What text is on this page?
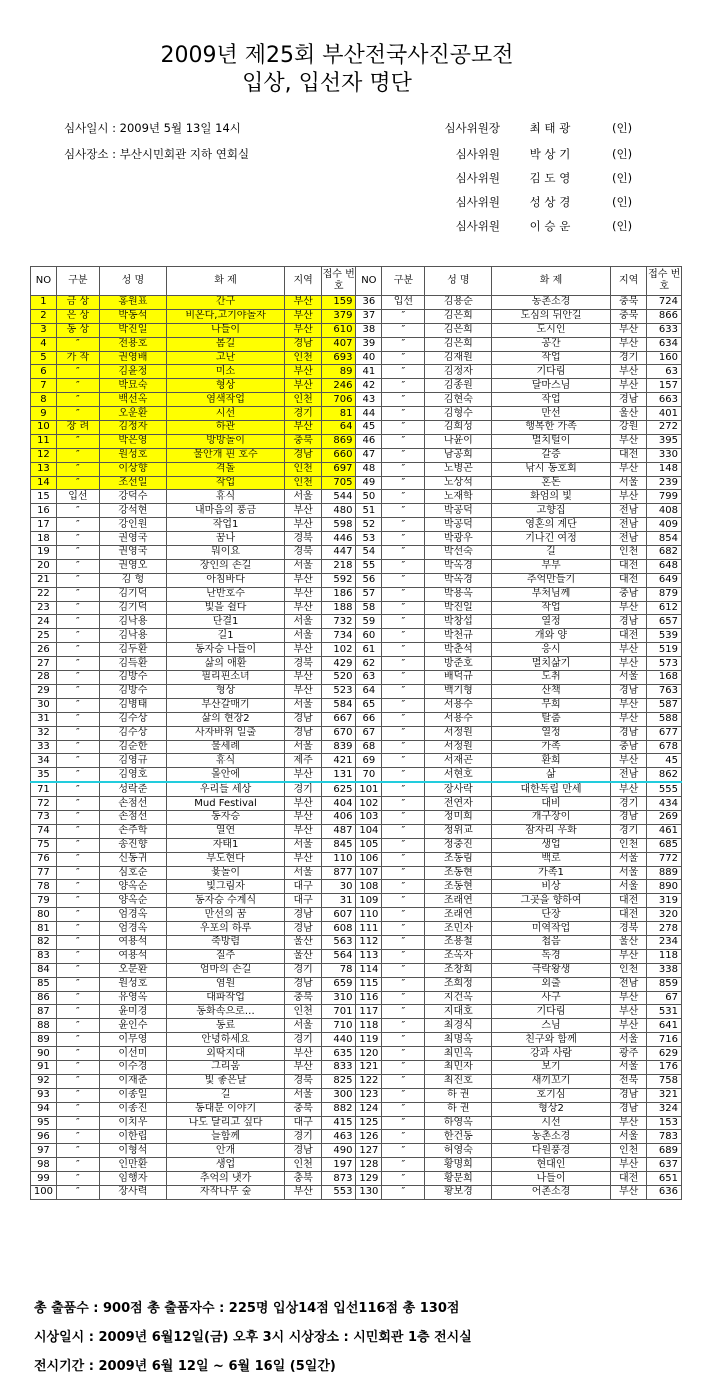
2009년 제25회 부산전국사진공모전
입상, 입선자 명단
심사일시 : 2009년 5월 13일 14시
심사장소 : 부산시민회관 지하 연회실
심사위원장	최 태 광	(인)
심사위원	박 상 기	(인)
심사위원	김 도 영	(인)
심사위원	성 상 경	(인)
심사위원	이 승 운	(인)
NO	구분	성 명	화 제	지역	접수 번호	NO	구분	성 명	화 제	지역	접수 번호
1	금 상	홍원표	간구	부산	159	36	입선	김용순	농촌소경	충북	724
2	은 상	박동석	비온다,고기야놀자	부산	379	37	″	김은희	도심의 뒤안길	충북	866
3	동 상	박진일	나들이	부산	610	38	″	김은희	도시인	부산	633
4	″	전용호	봄길	경남	407	39	″	김은희	공간	부산	634
5	가 작	권영배	고난	인천	693	40	″	김재원	작업	경기	160
6	″	김윤정	미소	부산	89	41	″	김정자	기다림	부산	63
7	″	박묘숙	형상	부산	246	42	″	김종원	달마스님	부산	157
8	″	백선옥	염색작업	인천	706	43	″	김현숙	작업	경남	663
9	″	오운환	시선	경기	81	44	″	김형수	만선	울산	401
10	장 려	김정자	하관	부산	64	45	″	김희성	행복한 가족	강원	272
11	″	박은영	방방놀이	충북	869	46	″	나윤이	멸치털이	부산	395
12	″	원성호	물안개 핀 호수	경남	660	47	″	남공희	갈증	대전	330
13	″	이상향	격돌	인천	697	48	″	노병곤	낚시 동호회	부산	148
14	″	조선일	작업	인천	705	49	″	노상석	혼돈	서울	239
15	입선	강덕수	휴식	서울	544	50	″	노재학	화엄의 빛	부산	799
16	″	강석현	내마음의 풍금	부산	480	51	″	박공덕	고향집	전남	408
17	″	강인원	작업1	부산	598	52	″	박공덕	영혼의 계단	전남	409
18	″	권영국	꿈나	경북	446	53	″	박광우	기나긴 여정	전남	854
19	″	권영국	뭐이요	경북	447	54	″	박선숙	길	인천	682
20	″	권영오	장인의 손길	서울	218	55	″	박옥경	부부	대전	648
21	″	김 헝	아침바다	부산	592	56	″	박옥경	추억만들기	대전	649
22	″	김기덕	난반호수	부산	186	57	″	박용옥	부처님께	충남	879
23	″	김기덕	빛을 쉴다	부산	188	58	″	박진일	작업	부산	612
24	″	김낙용	단결1	서울	732	59	″	박창섭	열정	경남	657
25	″	김낙용	길1	서울	734	60	″	박천규	개와 양	대전	539
26	″	김두환	동자승 나들이	부산	102	61	″	박춘석	응시	부산	519
27	″	김득환	삶의 애환	경북	429	62	″	방준호	멸치삶기	부산	573
28	″	김방수	필리핀소녀	부산	520	63	″	배덕규	도취	서울	168
29	″	김방수	형상	부산	523	64	″	백기형	산책	경남	763
30	″	김병태	부산갈매기	서울	584	65	″	서용수	무희	부산	587
31	″	김수상	삶의 현장2	경남	667	66	″	서용수	탈춤	부산	588
32	″	김수상	사자바위 일출	경남	670	67	″	서정원	열정	경남	677
33	″	김순한	물세례	서울	839	68	″	서정원	가족	충남	678
34	″	김영규	휴식	제주	421	69	″	서재곤	환희	부산	45
35	″	김영호	몰안에	부산	131	70	″	서현호	삶	전남	862
71	″	성락준	우리들 세상	경기	625	101	″	장사락	대한독립 만세	부산	555
72	″	손점선	Mud Festival	부산	404	102	″	전연자	대비	경기	434
73	″	손점선	동자승	부산	406	103	″	정미희	개구장이	경남	269
74	″	손주학	열연	부산	487	104	″	정위교	잠자리 우화	경기	461
75	″	송진향	자태1	서울	845	105	″	정충진	생업	인천	685
76	″	신동귀	부도현다	부산	110	106	″	조동림	백로	서울	772
77	″	심호순	윷놀이	서울	877	107	″	조동현	가족1	서울	889
78	″	양옥순	빛그림자	대구	30	108	″	조동현	비상	서울	890
79	″	양옥순	동자승 수계식	대구	31	109	″	조래연	그곳을 향하여	대전	319
80	″	엄경옥	만선의 꿈	경남	607	110	″	조래연	단장	대전	320
81	″	엄경옥	우포의 하루	경남	608	111	″	조민자	미역작업	경북	278
82	″	여용석	죽방렴	울산	563	112	″	조용철	첩음	울산	234
83	″	여용석	질주	울산	564	113	″	조옥자	독경	부산	118
84	″	오문환	엄마의 손길	경기	78	114	″	조창희	극락왕생	인천	338
85	″	원성호	염원	경남	659	115	″	조희정	외출	전남	859
86	″	유영옥	대파작업	충북	310	116	″	지건옥	사구	부산	67
87	″	윤미경	동화속으로…	인천	701	117	″	지대호	기다림	부산	531
88	″	윤인수	동료	서울	710	118	″	최경식	스님	부산	641
89	″	이무영	안녕하세요	경기	440	119	″	최명옥	친구와 함께	서울	716
90	″	이선미	외딱지대	부산	635	120	″	최민옥	강과 사람	광주	629
91	″	이수경	그리움	부산	833	121	″	최민자	보기	서울	176
92	″	이재춘	빛 좋은날	경북	825	122	″	최진호	새끼꼬기	전북	758
93	″	이종일	길	서울	300	123	″	하 권	호기심	경남	321
94	″	이종진	동대문 이야기	충북	882	124	″	하 권	형상2	경남	324
95	″	이치우	나도 달리고 싶다	대구	415	125	″	하영옥	시선	부산	153
96	″	이한립	늘함께	경기	463	126	″	한건동	농촌소경	서울	783
97	″	이형석	안개	경남	490	127	″	허영숙	다원풍경	인천	689
98	″	인만환	생업	인천	197	128	″	황명희	현대인	부산	637
99	″	임행자	추억의 냇가	충북	873	129	″	황문희	나들이	대전	651
100	″	장사력	자작나무 숲	부산	553	130	″	황보경	어촌소경	부산	636
총 출품수 : 900점 총 출품자수 : 225명 입상14점 입선116점 총 130점
시상일시 : 2009년 6월12일(금) 오후 3시 시상장소 : 시민회관 1층 전시실
전시기간 : 2009년 6월 12일 ~ 6월 16일 (5일간)
